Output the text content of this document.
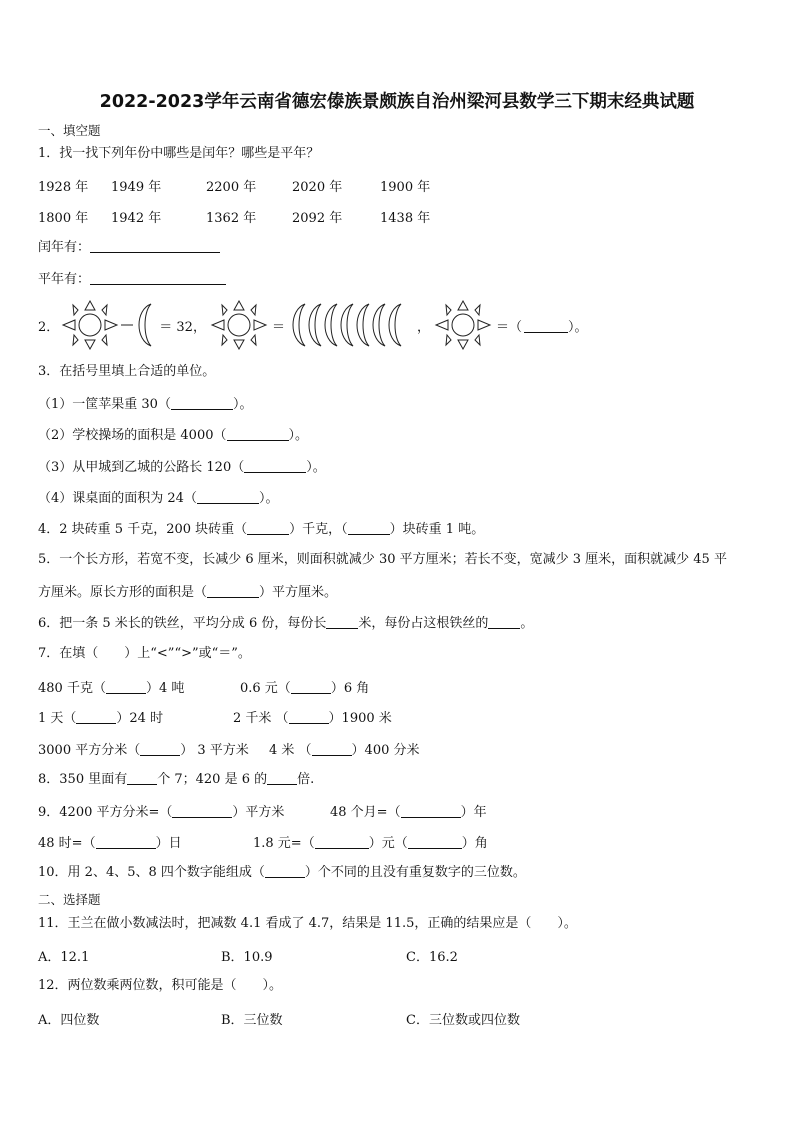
2022-2023学年云南省德宏傣族景颇族自治州梁河县数学三下期末经典试题
一、填空题
1．找一找下列年份中哪些是闰年？哪些是平年？
1928 年 1949 年	2200 年	2020 年	1900 年
1800 年 1942 年	1362 年	2092 年	1438 年
闰年有：
平年有：
2．	＝ 32，	＝	，	＝（	）。
3．在括号里填上合适的单位。
（1）一筐苹果重 30（	）。
（2）学校操场的面积是 4000（	）。
（3）从甲城到乙城的公路长 120（	）。
（4）课桌面的面积为 24（	）。
4．2 块砖重 5 千克，200 块砖重（	）千克，（	）块砖重 1 吨。
5．一个长方形，若宽不变，长减少 6 厘米，则面积就减少 30 平方厘米；若长不变，宽减少 3 厘米，面积就减少 45 平
方厘米。原长方形的面积是（	）平方厘米。
6．把一条 5 米长的铁丝，平均分成 6 份，每份长 米，每份占这根铁丝的 。
7．在填（　　）上“<”“>”或“＝”。
480 千克（	）4 吨	0.6 元（	）6 角
1 天（	）24 时	2 千米 （	）1900 米
3000 平方分米（	） 3 平方米 4 米 （	）400 分米
8．350 里面有 个 7；420 是 6 的 倍.
9．4200 平方分米=（	）平方米	48 个月=（	）年
48 时=（	）日	1.8 元=（	）元（	）角
10．用 2、4、5、8 四个数字能组成（	）个不同的且没有重复数字的三位数。
二、选择题
11．王兰在做小数减法时，把减数 4.1 看成了 4.7，结果是 11.5，正确的结果应是（　　）。
A．12.1	B．10.9	C．16.2
12．两位数乘两位数，积可能是（　　）。
A．四位数	B．三位数	C．三位数或四位数
